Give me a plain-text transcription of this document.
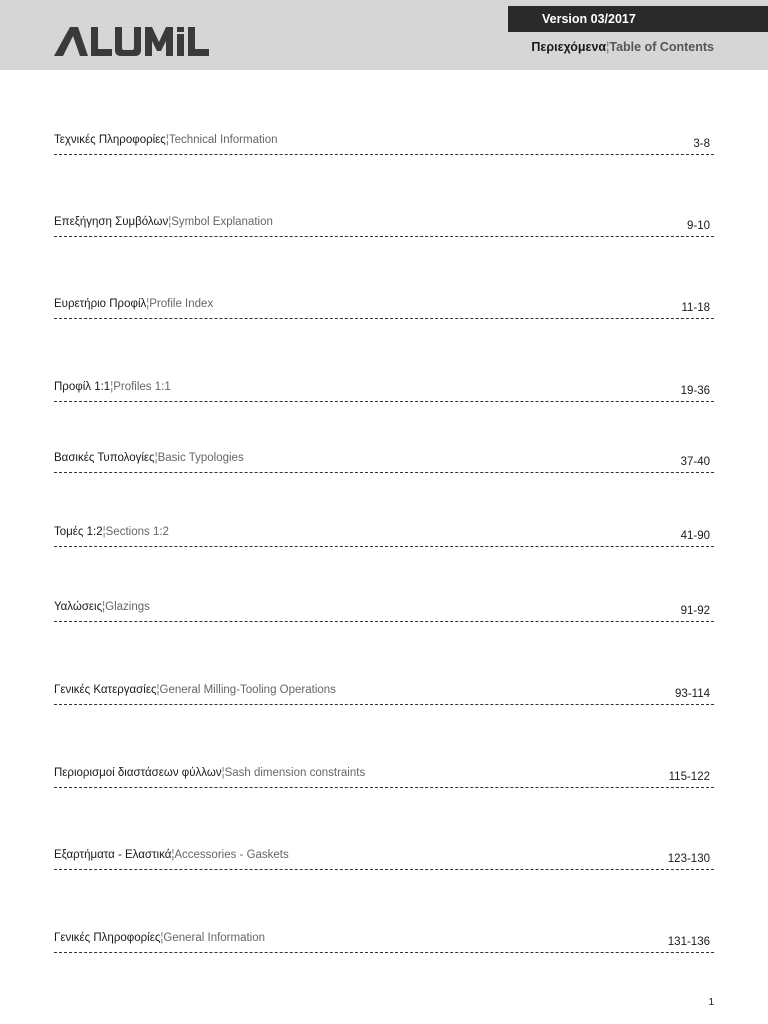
Version 03/2017
Περιεχόμενα¦Table of Contents
Τεχνικές Πληροφορίες¦Technical Information	3-8
Επεξήγηση Συμβόλων¦Symbol Explanation	9-10
Ευρετήριο Προφίλ¦Profile Index	11-18
Προφίλ 1:1¦Profiles 1:1	19-36
Βασικές Τυπολογίες¦Basic Typologies	37-40
Τομές 1:2¦Sections 1:2	41-90
Υαλώσεις¦Glazings	91-92
Γενικές Κατεργασίες¦General Milling-Tooling Operations	93-114
Περιορισμοί διαστάσεων φύλλων¦Sash dimension constraints	115-122
Εξαρτήματα - Ελαστικά¦Accessories - Gaskets	123-130
Γενικές Πληροφορίες¦General Information	131-136
1
